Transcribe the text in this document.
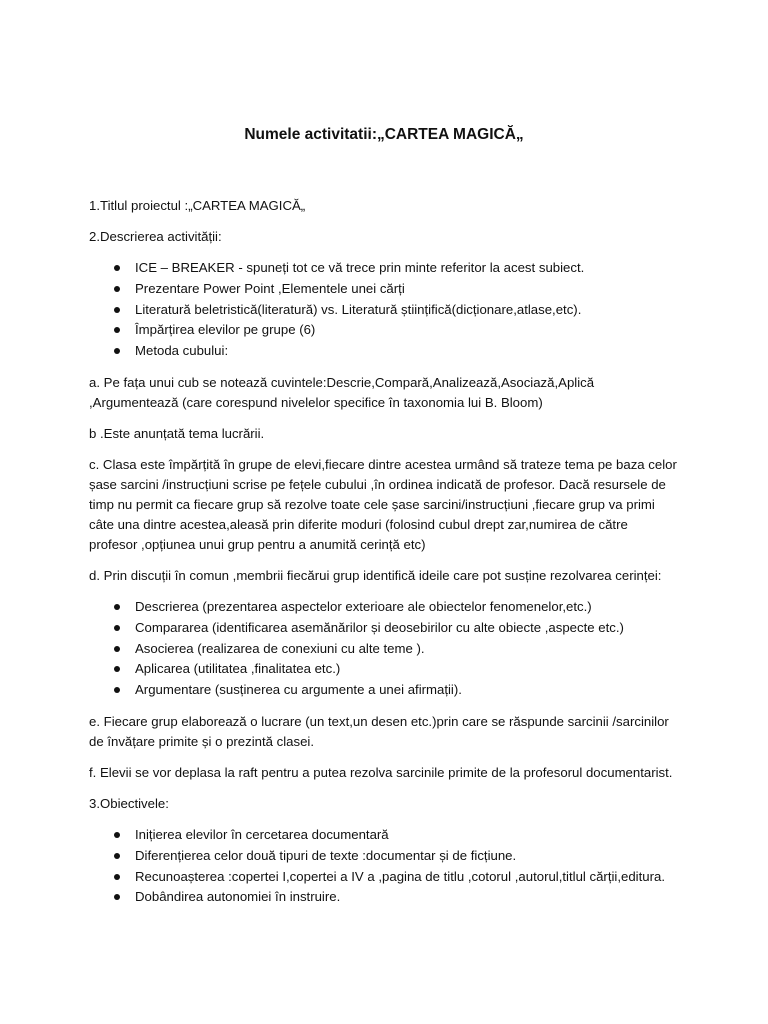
Numele activitatii:„CARTEA MAGICĂ„

1.Titlul proiectul :„CARTEA MAGICĂ„

2.Descrierea activității:

ICE – BREAKER - spuneți tot ce vă trece prin minte referitor la acest subiect.
Prezentare Power Point ,Elementele unei cărți
Literatură beletristică(literatură) vs. Literatură științifică(dicționare,atlase,etc).
Împărțirea elevilor pe grupe (6)
Metoda cubului:

a. Pe fața unui cub se notează cuvintele:Descrie,Compară,Analizează,Asociază,Aplică ,Argumentează (care corespund nivelelor specifice în taxonomia lui B. Bloom)

b .Este anunțată tema lucrării.

c. Clasa este împărțită în grupe de elevi,fiecare dintre acestea urmând să trateze tema pe baza celor șase sarcini /instrucțiuni scrise pe fețele cubului ,în ordinea indicată de profesor. Dacă resursele de timp nu permit ca fiecare grup să rezolve toate cele șase sarcini/instrucțiuni ,fiecare grup va primi câte una dintre acestea,aleasă prin diferite moduri (folosind cubul drept zar,numirea de către profesor ,opțiunea unui grup pentru a anumită cerință etc)

d. Prin discuții în comun ,membrii fiecărui grup identifică ideile care pot susține rezolvarea cerinței:

Descrierea (prezentarea aspectelor exterioare ale obiectelor fenomenelor,etc.)
Compararea (identificarea asemănărilor și deosebirilor cu alte obiecte ,aspecte etc.)
Asocierea (realizarea de conexiuni cu alte teme ).
Aplicarea (utilitatea ,finalitatea etc.)
Argumentare (susținerea cu argumente a unei afirmații).

e. Fiecare grup elaborează o lucrare (un text,un desen etc.)prin care se răspunde sarcinii /sarcinilor de învățare primite și o prezintă clasei.

f. Elevii se vor deplasa la raft pentru a putea rezolva sarcinile primite de la profesorul documentarist.

3.Obiectivele:

Inițierea elevilor în cercetarea documentară
Diferențierea celor două tipuri de texte :documentar și de ficțiune.
Recunoașterea :copertei I,copertei a IV a ,pagina de titlu ,cotorul ,autorul,titlul cărții,editura.
Dobândirea autonomiei în instruire.
